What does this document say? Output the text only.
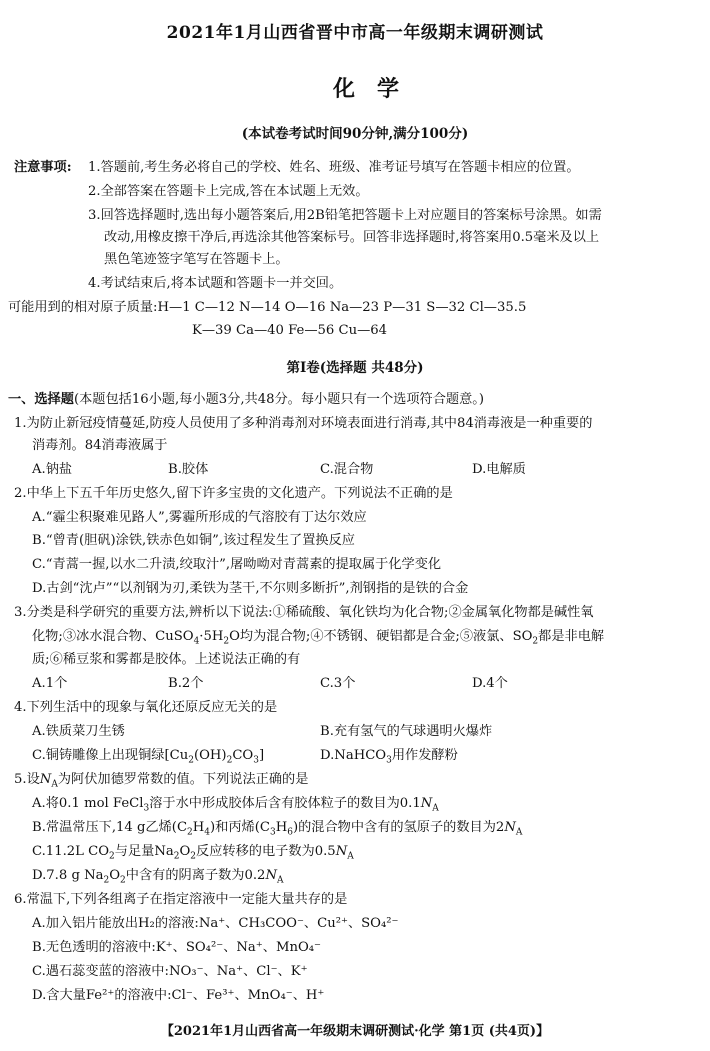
2021年1月山西省晋中市高一年级期末调研测试
化学
(本试卷考试时间90分钟,满分100分)
注意事项: 1.答题前,考生务必将自己的学校、姓名、班级、准考证号填写在答题卡相应的位置。
2.全部答案在答题卡上完成,答在本试题上无效。
3.回答选择题时,选出每小题答案后,用2B铅笔把答题卡上对应题目的答案标号涂黑。如需
改动,用橡皮擦干净后,再选涂其他答案标号。回答非选择题时,将答案用0.5毫米及以上
黑色笔迹签字笔写在答题卡上。
4.考试结束后,将本试题和答题卡一并交回。
可能用到的相对原子质量:H—1 C—12 N—14 O—16 Na—23 P—31 S—32 Cl—35.5
K—39 Ca—40 Fe—56 Cu—64
第Ⅰ卷(选择题 共48分)
一、选择题(本题包括16小题,每小题3分,共48分。每小题只有一个选项符合题意。)
1.为防止新冠疫情蔓延,防疫人员使用了多种消毒剂对环境表面进行消毒,其中84消毒液是一种重要的
消毒剂。84消毒液属于
A.钠盐	B.胶体	C.混合物	D.电解质
2.中华上下五千年历史悠久,留下许多宝贵的文化遗产。下列说法不正确的是
A.“霾尘积聚难见路人”,雾霾所形成的气溶胶有丁达尔效应
B.“曾青(胆矾)涂铁,铁赤色如铜”,该过程发生了置换反应
C.“青蒿一握,以水二升渍,绞取汁”,屠呦呦对青蒿素的提取属于化学变化
D.古剑“沈卢”“以剂钢为刃,柔铁为茎干,不尔则多断折”,剂钢指的是铁的合金
3.分类是科学研究的重要方法,辨析以下说法:①稀硫酸、氧化铁均为化合物;②金属氧化物都是碱性氧
化物;③冰水混合物、$CuSO_4\cdot 5H_2O$均为混合物;④不锈钢、硬铝都是合金;⑤液氯、$SO_2$都是非电解
质;⑥稀豆浆和雾都是胶体。上述说法正确的有
A.1个	B.2个	C.3个	D.4个
4.下列生活中的现象与氧化还原反应无关的是
A.铁质菜刀生锈	B.充有氢气的气球遇明火爆炸
C.铜铸雕像上出现铜绿$[Cu_2(OH)_2CO_3]$	D.NaHCO$_3$用作发酵粉
5.设$N_A$为阿伏加德罗常数的值。下列说法正确的是
A.将0.1 mol FeCl$_3$溶于水中形成胶体后含有胶体粒子的数目为$0.1N_A$
B.常温常压下,14 g乙烯$(C_2H_4)$和丙烯$(C_3H_6)$的混合物中含有的氢原子的数目为$2N_A$
C.11.2L $CO_2$与足量$Na_2O_2$反应转移的电子数为$0.5N_A$
D.7.8 g $Na_2O_2$中含有的阴离子数为$0.2N_A$
6.常温下,下列各组离子在指定溶液中一定能大量共存的是
A.加入铝片能放出H₂的溶液:Na⁺、CH₃COO⁻、Cu²⁺、SO₄²⁻
B.无色透明的溶液中:K⁺、SO₄²⁻、Na⁺、MnO₄⁻
C.遇石蕊变蓝的溶液中:NO₃⁻、Na⁺、Cl⁻、K⁺
D.含大量Fe²⁺的溶液中:Cl⁻、Fe³⁺、MnO₄⁻、H⁺
【2021年1月山西省高一年级期末调研测试·化学 第1页 (共4页)】
